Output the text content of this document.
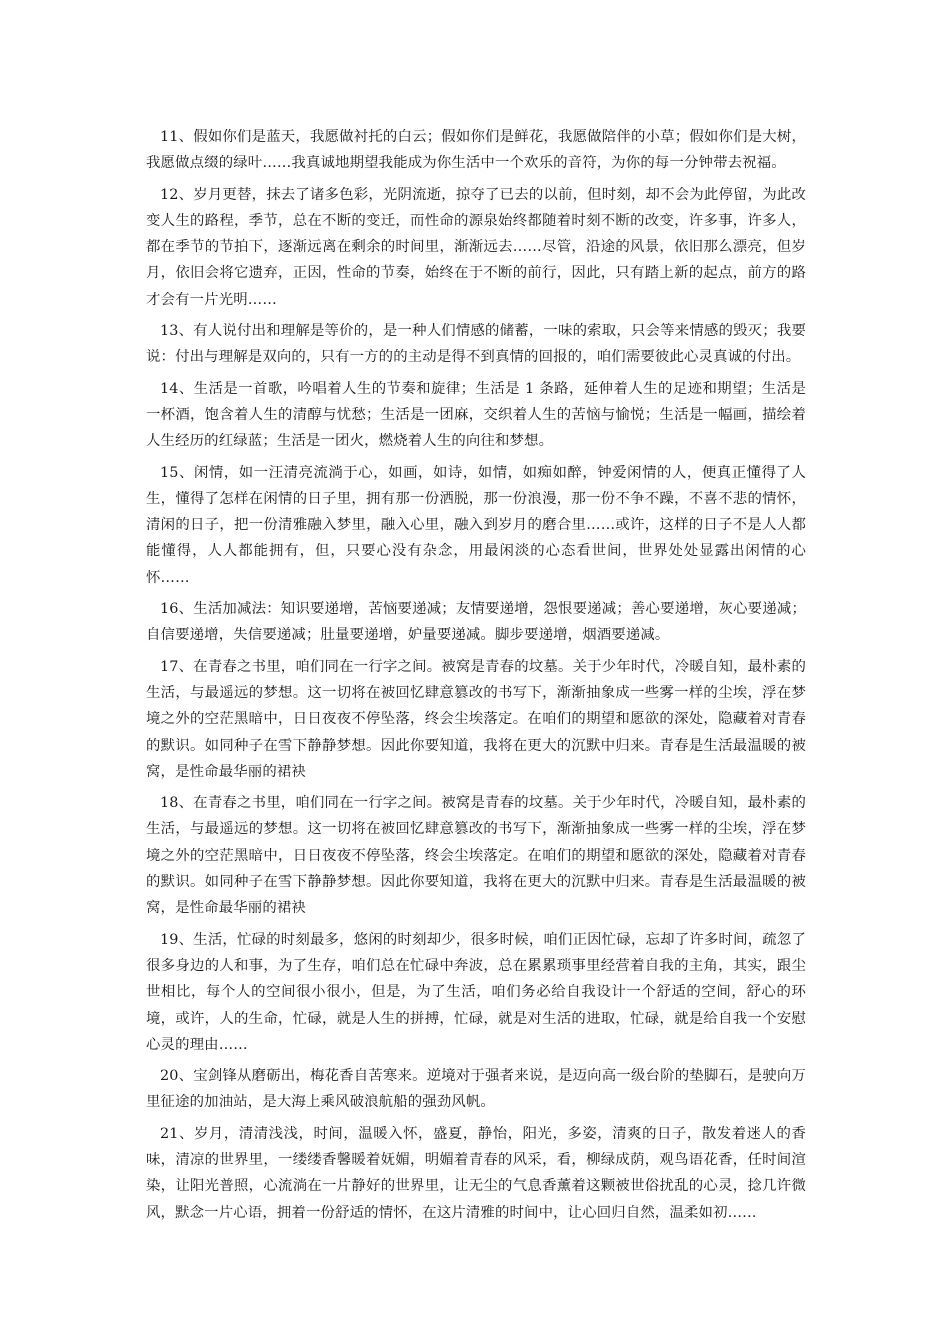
11、假如你们是蓝天，我愿做衬托的白云；假如你们是鲜花，我愿做陪伴的小草；假如你们是大树，我愿做点缀的绿叶……我真诚地期望我能成为你生活中一个欢乐的音符，为你的每一分钟带去祝福。

12、岁月更替，抹去了诸多色彩，光阴流逝，掠夺了已去的以前，但时刻，却不会为此停留，为此改变人生的路程，季节，总在不断的变迁，而性命的源泉始终都随着时刻不断的改变，许多事，许多人，都在季节的节拍下，逐渐远离在剩余的时间里，渐渐远去……尽管，沿途的风景，依旧那么漂亮，但岁月，依旧会将它遗弃，正因，性命的节奏，始终在于不断的前行，因此，只有踏上新的起点，前方的路才会有一片光明……

13、有人说付出和理解是等价的，是一种人们情感的储蓄，一味的索取，只会等来情感的毁灭；我要说：付出与理解是双向的，只有一方的的主动是得不到真情的回报的，咱们需要彼此心灵真诚的付出。

14、生活是一首歌，吟唱着人生的节奏和旋律；生活是 1 条路，延伸着人生的足迹和期望；生活是一杯酒，饱含着人生的清醇与忧愁；生活是一团麻，交织着人生的苦恼与愉悦；生活是一幅画，描绘着人生经历的红绿蓝；生活是一团火，燃烧着人生的向往和梦想。

15、闲情，如一汪清亮流淌于心，如画，如诗，如情，如痴如醉，钟爱闲情的人，便真正懂得了人生，懂得了怎样在闲情的日子里，拥有那一份洒脱，那一份浪漫，那一份不争不躁，不喜不悲的情怀，清闲的日子，把一份清雅融入梦里，融入心里，融入到岁月的磨合里……或许，这样的日子不是人人都能懂得，人人都能拥有，但，只要心没有杂念，用最闲淡的心态看世间，世界处处显露出闲情的心怀……

16、生活加减法：知识要递增，苦恼要递减；友情要递增，怨恨要递减；善心要递增，灰心要递减；自信要递增，失信要递减；肚量要递增，妒量要递减。脚步要递增，烟酒要递减。

17、在青春之书里，咱们同在一行字之间。被窝是青春的坟墓。关于少年时代，冷暖自知，最朴素的生活，与最遥远的梦想。这一切将在被回忆肆意篡改的书写下，渐渐抽象成一些雾一样的尘埃，浮在梦境之外的空茫黑暗中，日日夜夜不停坠落，终会尘埃落定。在咱们的期望和愿欲的深处，隐藏着对青春的默识。如同种子在雪下静静梦想。因此你要知道，我将在更大的沉默中归来。青春是生活最温暖的被窝，是性命最华丽的裙袂

18、在青春之书里，咱们同在一行字之间。被窝是青春的坟墓。关于少年时代，冷暖自知，最朴素的生活，与最遥远的梦想。这一切将在被回忆肆意篡改的书写下，渐渐抽象成一些雾一样的尘埃，浮在梦境之外的空茫黑暗中，日日夜夜不停坠落，终会尘埃落定。在咱们的期望和愿欲的深处，隐藏着对青春的默识。如同种子在雪下静静梦想。因此你要知道，我将在更大的沉默中归来。青春是生活最温暖的被窝，是性命最华丽的裙袂

19、生活，忙碌的时刻最多，悠闲的时刻却少，很多时候，咱们正因忙碌，忘却了许多时间，疏忽了很多身边的人和事，为了生存，咱们总在忙碌中奔波，总在累累琐事里经营着自我的主角，其实，跟尘世相比，每个人的空间很小很小，但是，为了生活，咱们务必给自我设计一个舒适的空间，舒心的环境，或许，人的生命，忙碌，就是人生的拼搏，忙碌，就是对生活的进取，忙碌，就是给自我一个安慰心灵的理由……

20、宝剑锋从磨砺出，梅花香自苦寒来。逆境对于强者来说，是迈向高一级台阶的垫脚石，是驶向万里征途的加油站，是大海上乘风破浪航船的强劲风帆。

21、岁月，清清浅浅，时间，温暖入怀，盛夏，静怡，阳光，多姿，清爽的日子，散发着迷人的香味，清凉的世界里，一缕缕香馨暖着妩媚，明媚着青春的风采，看，柳绿成荫，观鸟语花香，任时间渲染，让阳光普照，心流淌在一片静好的世界里，让无尘的气息香薰着这颗被世俗扰乱的心灵，捻几许微风，默念一片心语，拥着一份舒适的情怀，在这片清雅的时间中，让心回归自然，温柔如初……
